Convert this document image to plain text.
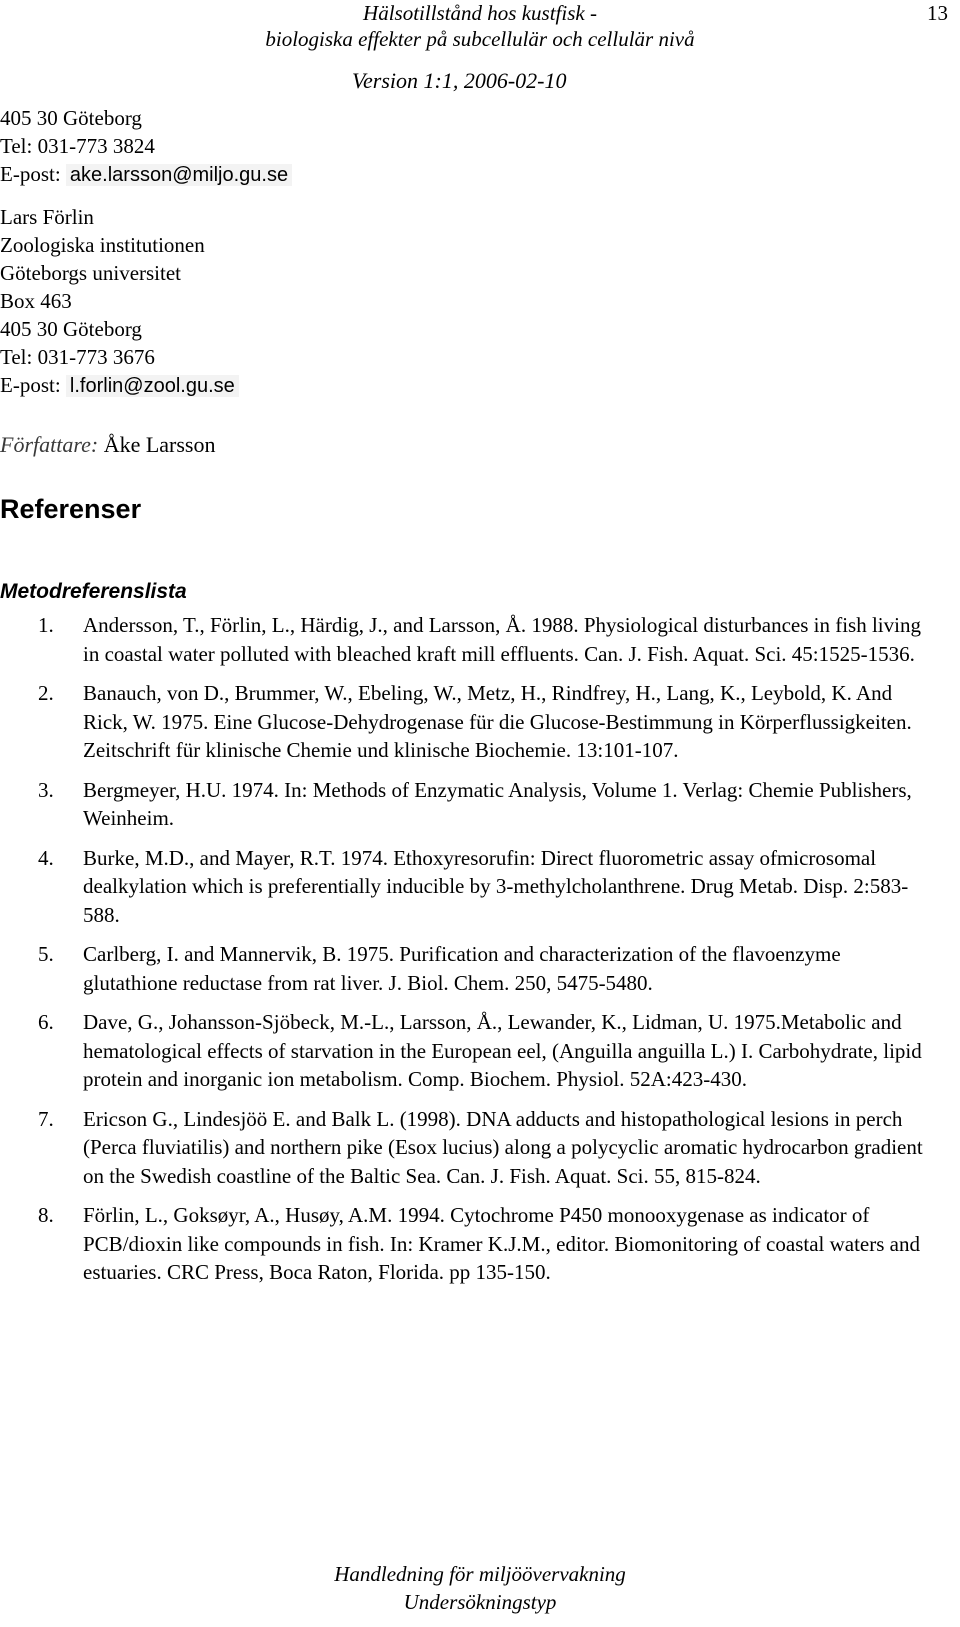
Hälsotillstånd hos kustfisk -
biologiska effekter på subcellulär och cellulär nivå
13
Version 1:1, 2006-02-10
405 30 Göteborg
Tel: 031-773 3824
E-post: ake.larsson@miljo.gu.se
Lars Förlin
Zoologiska institutionen
Göteborgs universitet
Box 463
405 30 Göteborg
Tel: 031-773 3676
E-post: l.forlin@zool.gu.se
Författare: Åke Larsson
Referenser
Metodreferenslista
1. Andersson, T., Förlin, L., Härdig, J., and Larsson, Å. 1988. Physiological disturbances in fish living in coastal water polluted with bleached kraft mill effluents. Can. J. Fish. Aquat. Sci. 45:1525-1536.
2. Banauch, von D., Brummer, W., Ebeling, W., Metz, H., Rindfrey, H., Lang, K., Leybold, K. And Rick, W. 1975. Eine Glucose-Dehydrogenase für die Glucose-Bestimmung in Körperflussigkeiten. Zeitschrift für klinische Chemie und klinische Biochemie. 13:101-107.
3. Bergmeyer, H.U. 1974. In: Methods of Enzymatic Analysis, Volume 1. Verlag: Chemie Publishers, Weinheim.
4. Burke, M.D., and Mayer, R.T. 1974. Ethoxyresorufin: Direct fluorometric assay ofmicrosomal dealkylation which is preferentially inducible by 3-methylcholanthrene. Drug Metab. Disp. 2:583-588.
5. Carlberg, I. and Mannervik, B. 1975. Purification and characterization of the flavoenzyme glutathione reductase from rat liver. J. Biol. Chem. 250, 5475-5480.
6. Dave, G., Johansson-Sjöbeck, M.-L., Larsson, Å., Lewander, K., Lidman, U. 1975.Metabolic and hematological effects of starvation in the European eel, (Anguilla anguilla L.) I. Carbohydrate, lipid protein and inorganic ion metabolism. Comp. Biochem. Physiol. 52A:423-430.
7. Ericson G., Lindesjöö E. and Balk L. (1998). DNA adducts and histopathological lesions in perch (Perca fluviatilis) and northern pike (Esox lucius) along a polycyclic aromatic hydrocarbon gradient on the Swedish coastline of the Baltic Sea. Can. J. Fish. Aquat. Sci. 55, 815-824.
8. Förlin, L., Goksøyr, A., Husøy, A.M. 1994. Cytochrome P450 monooxygenase as indicator of PCB/dioxin like compounds in fish. In: Kramer K.J.M., editor. Biomonitoring of coastal waters and estuaries. CRC Press, Boca Raton, Florida. pp 135-150.
Handledning för miljöövervakning
Undersökningstyp
